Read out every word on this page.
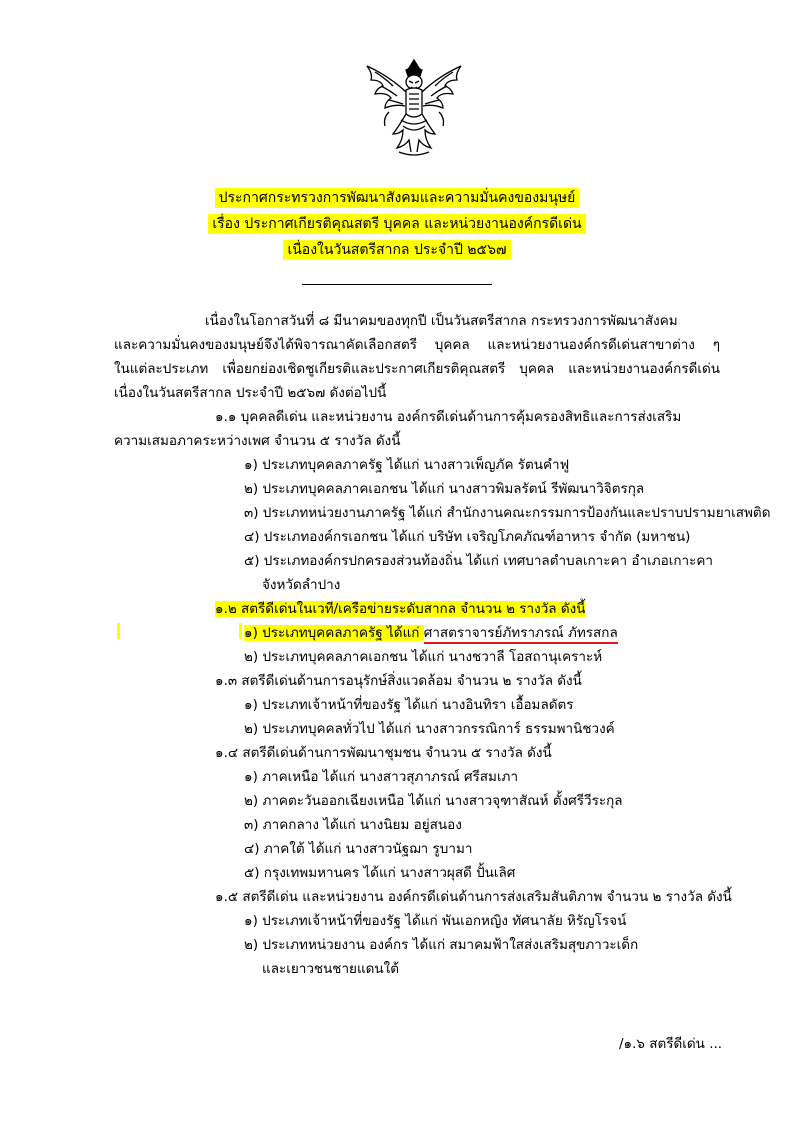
ประกาศกระทรวงการพัฒนาสังคมและความมั่นคงของมนุษย์
เรื่อง ประกาศเกียรติคุณสตรี บุคคล และหน่วยงานองค์กรดีเด่น
เนื่องในวันสตรีสากล ประจำปี ๒๕๖๗
เนื่องในโอกาสวันที่ ๘ มีนาคมของทุกปี เป็นวันสตรีสากล กระทรวงการพัฒนาสังคม
และความมั่นคงของมนุษย์จึงได้พิจารณาคัดเลือกสตรี บุคคล และหน่วยงานองค์กรดีเด่นสาขาต่าง ๆ
ในแต่ละประเภท เพื่อยกย่องเชิดชูเกียรติและประกาศเกียรติคุณสตรี บุคคล และหน่วยงานองค์กรดีเด่น
เนื่องในวันสตรีสากล ประจำปี ๒๕๖๗ ดังต่อไปนี้
๑.๑ บุคคลดีเด่น และหน่วยงาน องค์กรดีเด่นด้านการคุ้มครองสิทธิและการส่งเสริม
ความเสมอภาคระหว่างเพศ จำนวน ๕ รางวัล ดังนี้
๑) ประเภทบุคคลภาครัฐ ได้แก่ นางสาวเพ็ญภัค รัตนคำฟู
๒) ประเภทบุคคลภาคเอกชน ได้แก่ นางสาวพิมลรัตน์ รีพัฒนาวิจิตรกุล
๓) ประเภทหน่วยงานภาครัฐ ได้แก่ สำนักงานคณะกรรมการป้องกันและปราบปรามยาเสพติด
๔) ประเภทองค์กรเอกชน ได้แก่ บริษัท เจริญโภคภัณฑ์อาหาร จำกัด (มหาชน)
๕) ประเภทองค์กรปกครองส่วนท้องถิ่น ได้แก่ เทศบาลตำบลเกาะคา อำเภอเกาะคา
จังหวัดลำปาง
๑.๒ สตรีดีเด่นในเวที/เครือข่ายระดับสากล จำนวน ๒ รางวัล ดังนี้
๑) ประเภทบุคคลภาครัฐ ได้แก่ ศาสตราจารย์ภัทราภรณ์ ภัทรสกล
๒) ประเภทบุคคลภาคเอกชน ได้แก่ นางชวาลี โอสถานุเคราะห์
๑.๓ สตรีดีเด่นด้านการอนุรักษ์สิ่งแวดล้อม จำนวน ๒ รางวัล ดังนี้
๑) ประเภทเจ้าหน้าที่ของรัฐ ได้แก่ นางอินทิรา เอื้อมลดัตร
๒) ประเภทบุคคลทั่วไป ได้แก่ นางสาวกรรณิการ์ ธรรมพานิชวงค์
๑.๔ สตรีดีเด่นด้านการพัฒนาชุมชน จำนวน ๕ รางวัล ดังนี้
๑) ภาคเหนือ ได้แก่ นางสาวสุภาภรณ์ ศรีสมเภา
๒) ภาคตะวันออกเฉียงเหนือ ได้แก่ นางสาวจุฑาสัณห์ ตั้งศรีวีระกุล
๓) ภาคกลาง ได้แก่ นางนิยม อยู่สนอง
๔) ภาคใต้ ได้แก่ นางสาวนัฐฌา รูบามา
๕) กรุงเทพมหานคร ได้แก่ นางสาวผุสดี ปั้นเลิศ
๑.๕ สตรีดีเด่น และหน่วยงาน องค์กรดีเด่นด้านการส่งเสริมสันติภาพ จำนวน ๒ รางวัล ดังนี้
๑) ประเภทเจ้าหน้าที่ของรัฐ ได้แก่ พันเอกหญิง ทัศนาลัย หิรัญโรจน์
๒) ประเภทหน่วยงาน องค์กร ได้แก่ สมาคมฟ้าใสส่งเสริมสุขภาวะเด็ก
และเยาวชนชายแดนใต้
/๑.๖ สตรีดีเด่น ...
